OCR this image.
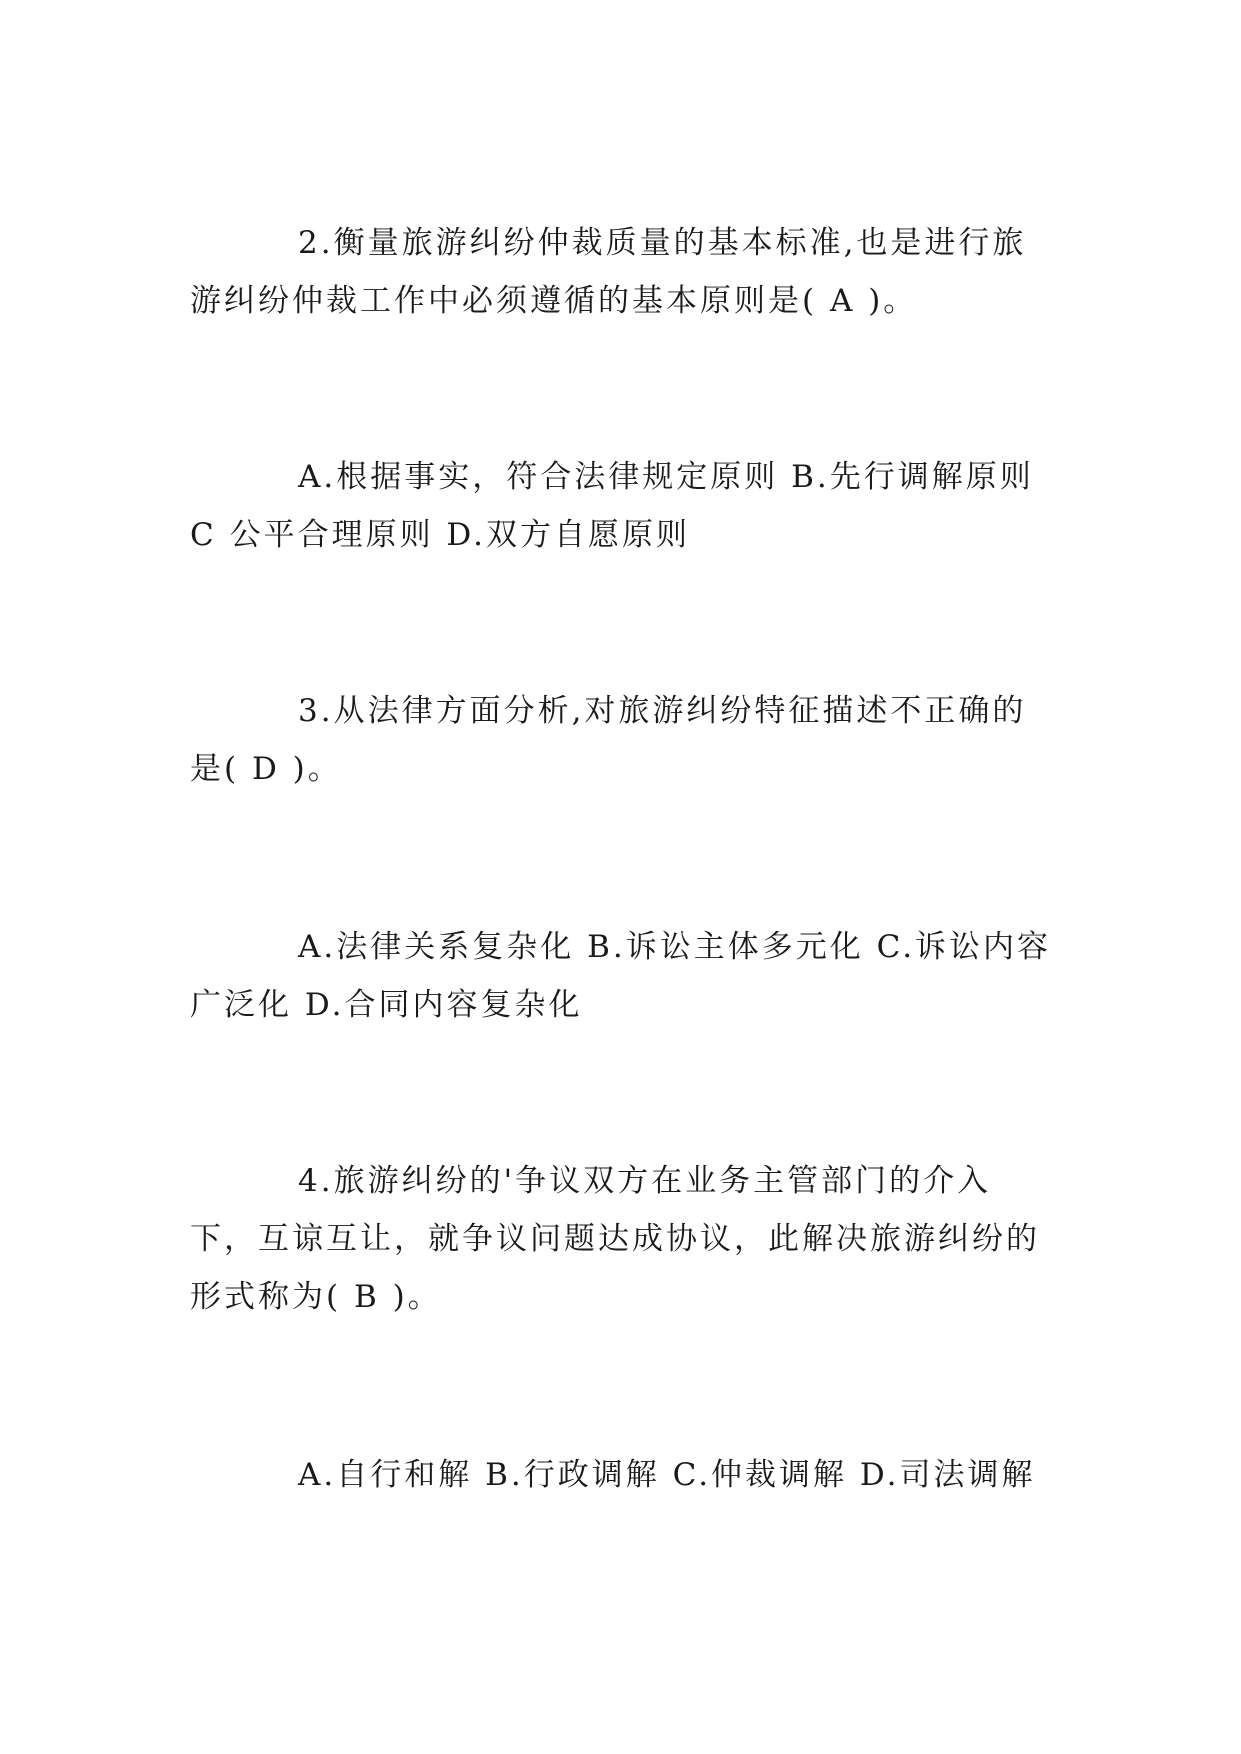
2.衡量旅游纠纷仲裁质量的基本标准,也是进行旅游纠纷仲裁工作中必须遵循的基本原则是( A )。

A.根据事实，符合法律规定原则 B.先行调解原则 C 公平合理原则 D.双方自愿原则

3.从法律方面分析,对旅游纠纷特征描述不正确的是( D )。

A.法律关系复杂化 B.诉讼主体多元化 C.诉讼内容广泛化 D.合同内容复杂化

4.旅游纠纷的'争议双方在业务主管部门的介入下，互谅互让，就争议问题达成协议，此解决旅游纠纷的形式称为( B )。

A.自行和解 B.行政调解 C.仲裁调解 D.司法调解
